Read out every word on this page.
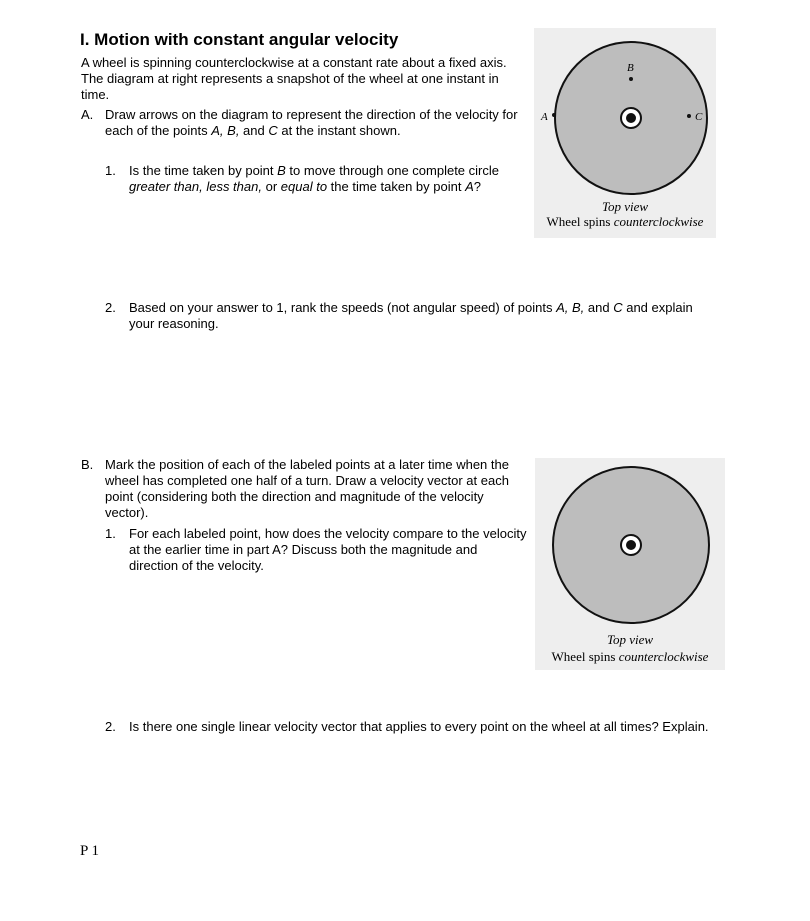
I. Motion with constant angular velocity
A wheel is spinning counterclockwise at a constant rate about a fixed axis. The diagram at right represents a snapshot of the wheel at one instant in time.
A. Draw arrows on the diagram to represent the direction of the velocity for each of the points A, B, and C at the instant shown.
1. Is the time taken by point B to move through one complete circle greater than, less than, or equal to the time taken by point A?
B
A	C
Top view
Wheel spins counterclockwise
2. Based on your answer to 1, rank the speeds (not angular speed) of points A, B, and C and explain your reasoning.
B. Mark the position of each of the labeled points at a later time when the wheel has completed one half of a turn. Draw a velocity vector at each point (considering both the direction and magnitude of the velocity vector).
1. For each labeled point, how does the velocity compare to the velocity at the earlier time in part A? Discuss both the magnitude and direction of the velocity.
Top view
Wheel spins counterclockwise
2. Is there one single linear velocity vector that applies to every point on the wheel at all times? Explain.
P 1
